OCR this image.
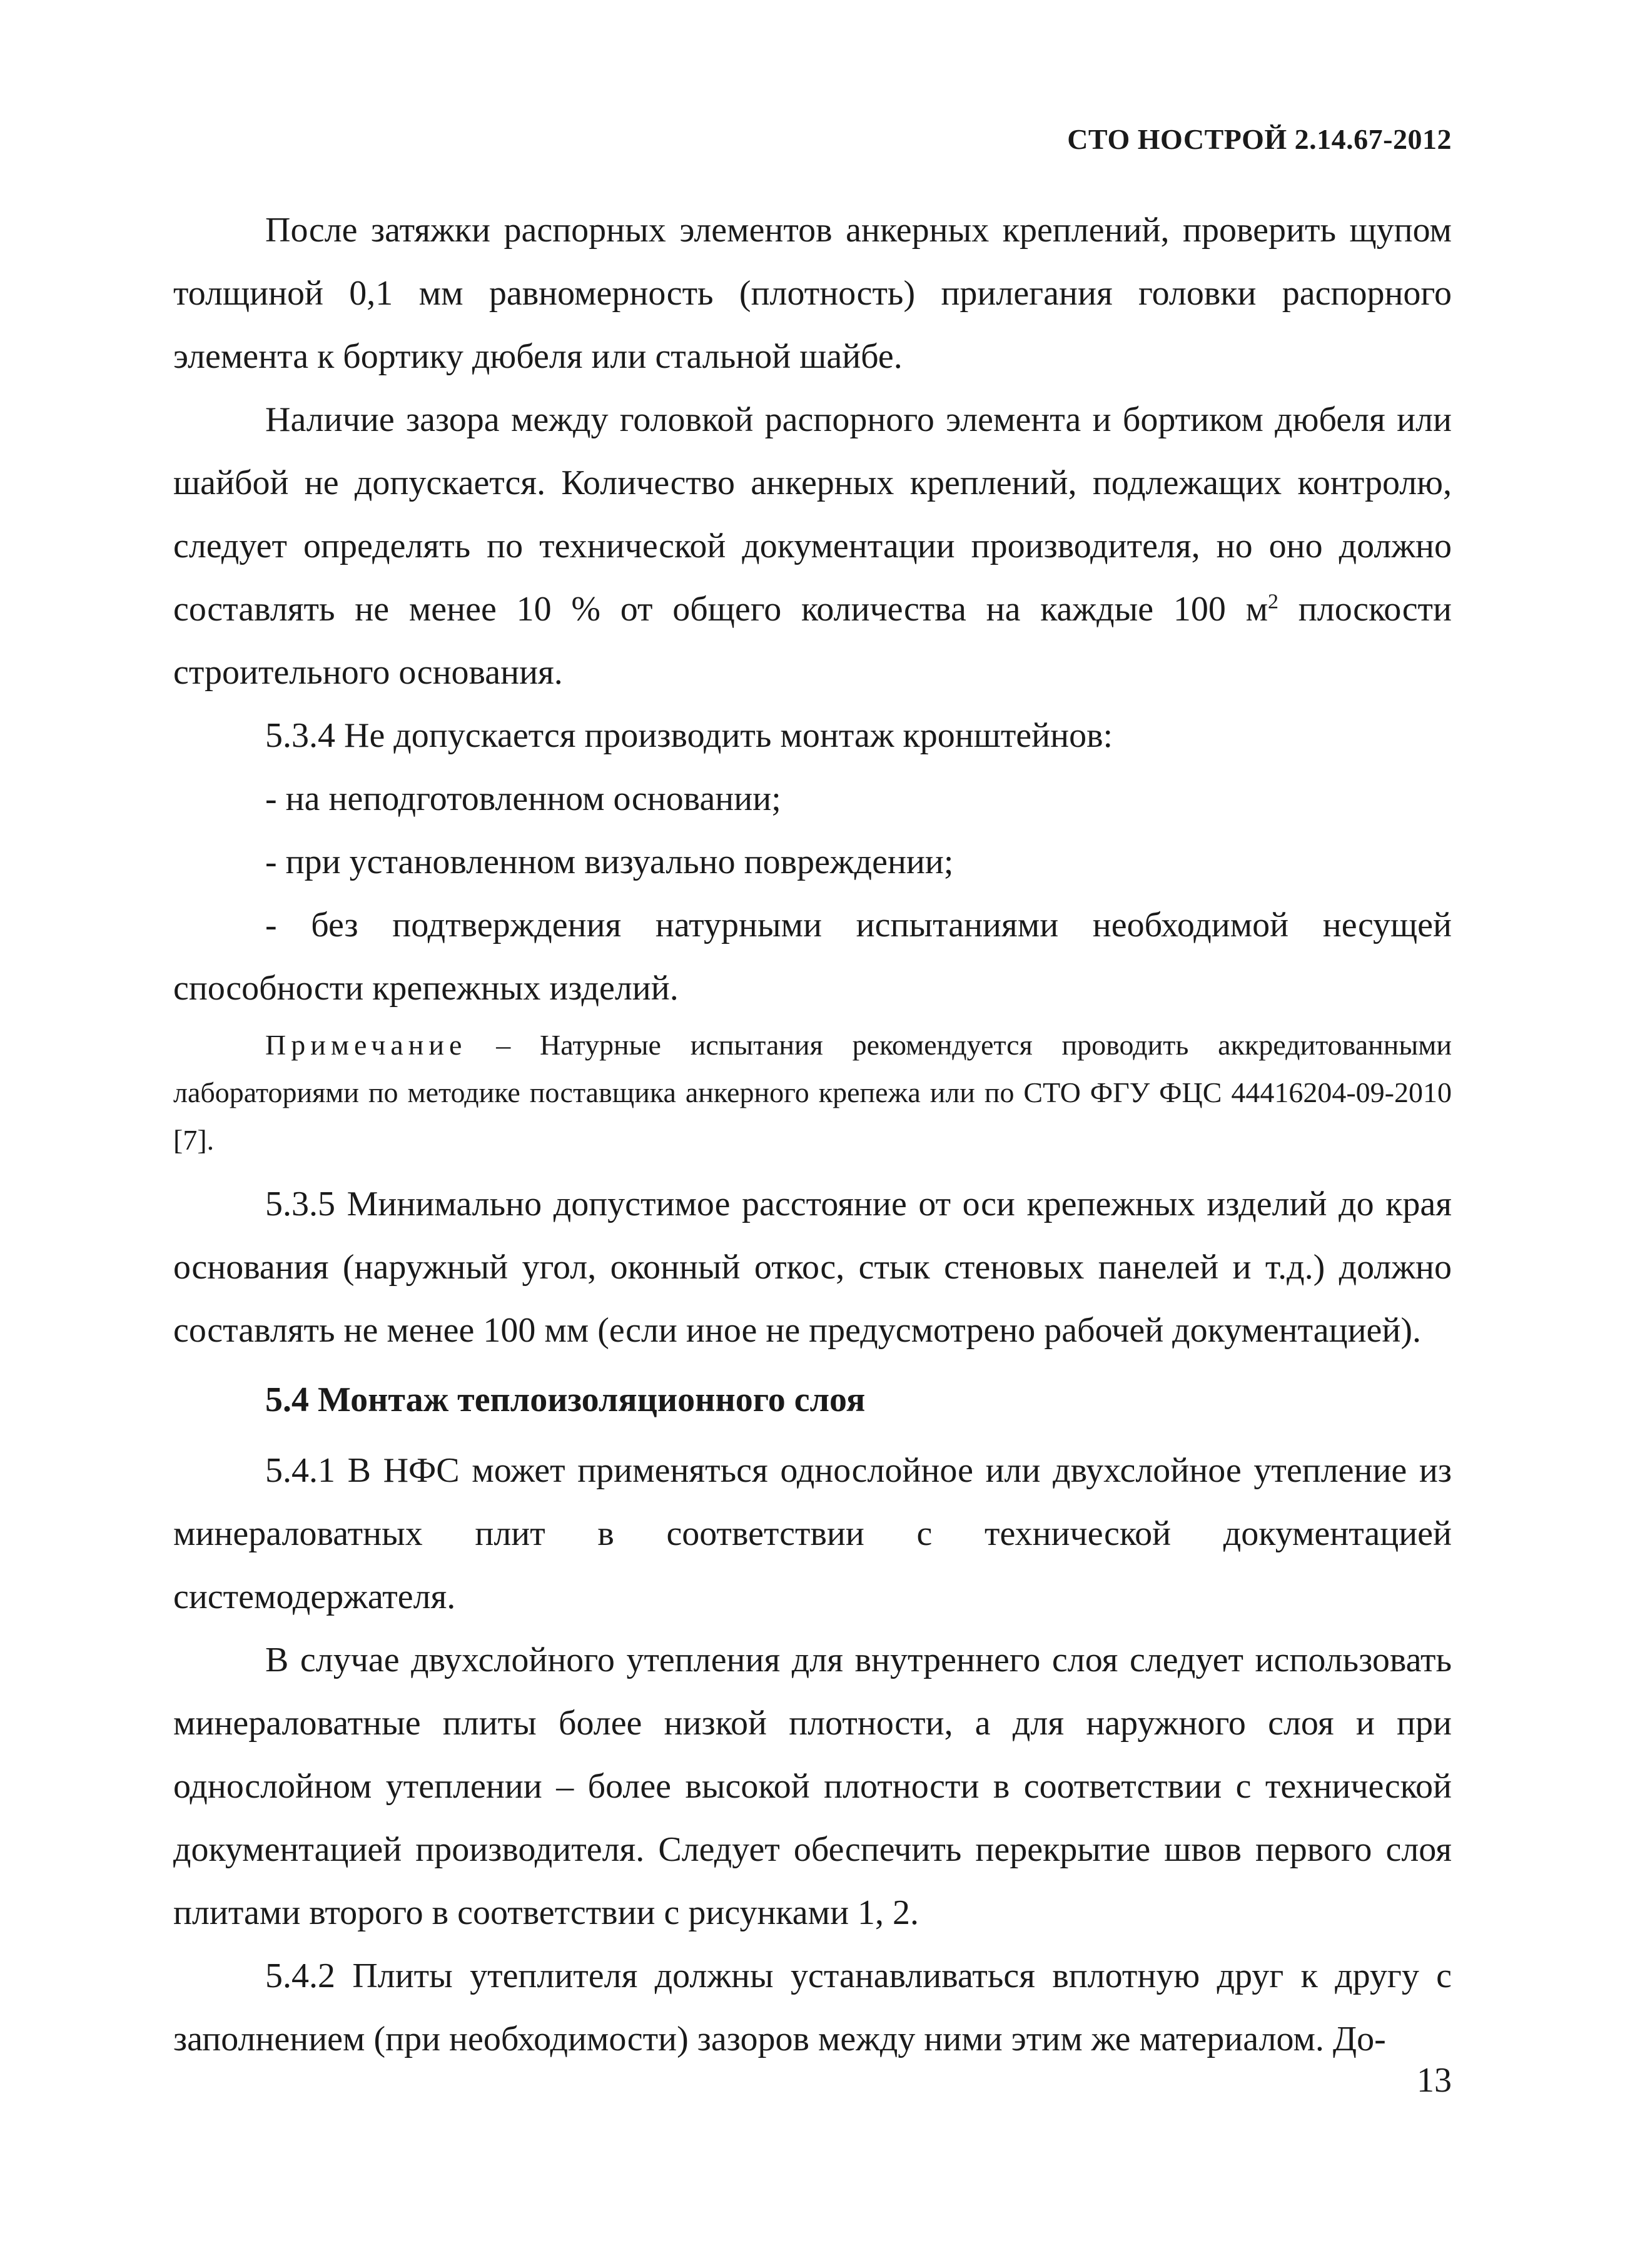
СТО НОСТРОЙ 2.14.67-2012

После затяжки распорных элементов анкерных креплений, проверить щупом толщиной 0,1 мм равномерность (плотность) прилегания головки распорного элемента к бортику дюбеля или стальной шайбе.

Наличие зазора между головкой распорного элемента и бортиком дюбеля или шайбой не допускается. Количество анкерных креплений, подлежащих контролю, следует определять по технической документации производителя, но оно должно составлять не менее 10 % от общего количества на каждые 100 $м^2$ плоскости строительного основания.

5.3.4 Не допускается производить монтаж кронштейнов:

- на неподготовленном основании;

- при установленном визуально повреждении;

- без подтверждения натурными испытаниями необходимой несущей способности крепежных изделий.

Примечание – Натурные испытания рекомендуется проводить аккредитованными лабораториями по методике поставщика анкерного крепежа или по СТО ФГУ ФЦС 44416204-09-2010 [7].

5.3.5 Минимально допустимое расстояние от оси крепежных изделий до края основания (наружный угол, оконный откос, стык стеновых панелей и т.д.) должно составлять не менее 100 мм (если иное не предусмотрено рабочей документацией).

5.4 Монтаж теплоизоляционного слоя

5.4.1 В НФС может применяться однослойное или двухслойное утепление из минераловатных плит в соответствии с технической документацией системодержателя.

В случае двухслойного утепления для внутреннего слоя следует использовать минераловатные плиты более низкой плотности, а для наружного слоя и при однослойном утеплении – более высокой плотности в соответствии с технической документацией производителя. Следует обеспечить перекрытие швов первого слоя плитами второго в соответствии с рисунками 1, 2.

5.4.2 Плиты утеплителя должны устанавливаться вплотную друг к другу с заполнением (при необходимости) зазоров между ними этим же материалом. До-

13
